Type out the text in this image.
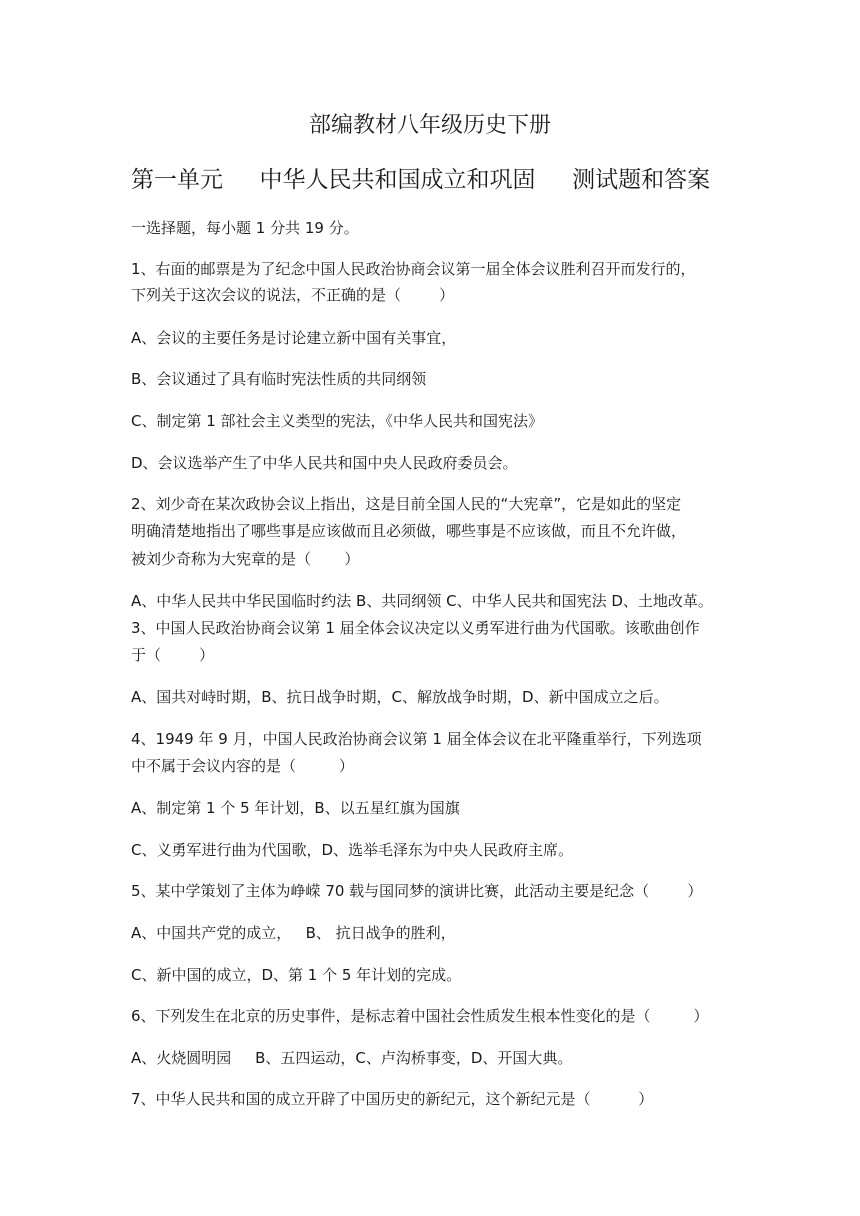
部编教材八年级历史下册
第一单元     中华人民共和国成立和巩固     测试题和答案
一选择题，每小题 1 分共 19 分。
1、右面的邮票是为了纪念中国人民政治协商会议第一届全体会议胜利召开而发行的，
下列关于这次会议的说法，不正确的是（        ）
A、会议的主要任务是讨论建立新中国有关事宜，
B、会议通过了具有临时宪法性质的共同纲领
C、制定第 1 部社会主义类型的宪法，《中华人民共和国宪法》
D、会议选举产生了中华人民共和国中央人民政府委员会。
2、刘少奇在某次政协会议上指出，这是目前全国人民的“大宪章”，它是如此的坚定
明确清楚地指出了哪些事是应该做而且必须做，哪些事是不应该做，而且不允许做，
被刘少奇称为大宪章的是（       ）
A、中华人民共中华民国临时约法 B、共同纲领 C、中华人民共和国宪法 D、土地改革。
3、中国人民政治协商会议第 1 届全体会议决定以义勇军进行曲为代国歌。该歌曲创作
于（        ）
A、国共对峙时期，B、抗日战争时期，C、解放战争时期，D、新中国成立之后。
4、1949 年 9 月，中国人民政治协商会议第 1 届全体会议在北平隆重举行，下列选项
中不属于会议内容的是（         ）
A、制定第 1 个 5 年计划，B、以五星红旗为国旗
C、义勇军进行曲为代国歌，D、选举毛泽东为中央人民政府主席。
5、某中学策划了主体为峥嵘 70 载与国同梦的演讲比赛，此活动主要是纪念（        ）
A、中国共产党的成立，   B、 抗日战争的胜利，
C、新中国的成立，D、第 1 个 5 年计划的完成。
6、下列发生在北京的历史事件，是标志着中国社会性质发生根本性变化的是（         ）
A、火烧圆明园     B、五四运动，C、卢沟桥事变，D、开国大典。
7、中华人民共和国的成立开辟了中国历史的新纪元，这个新纪元是（          ）
